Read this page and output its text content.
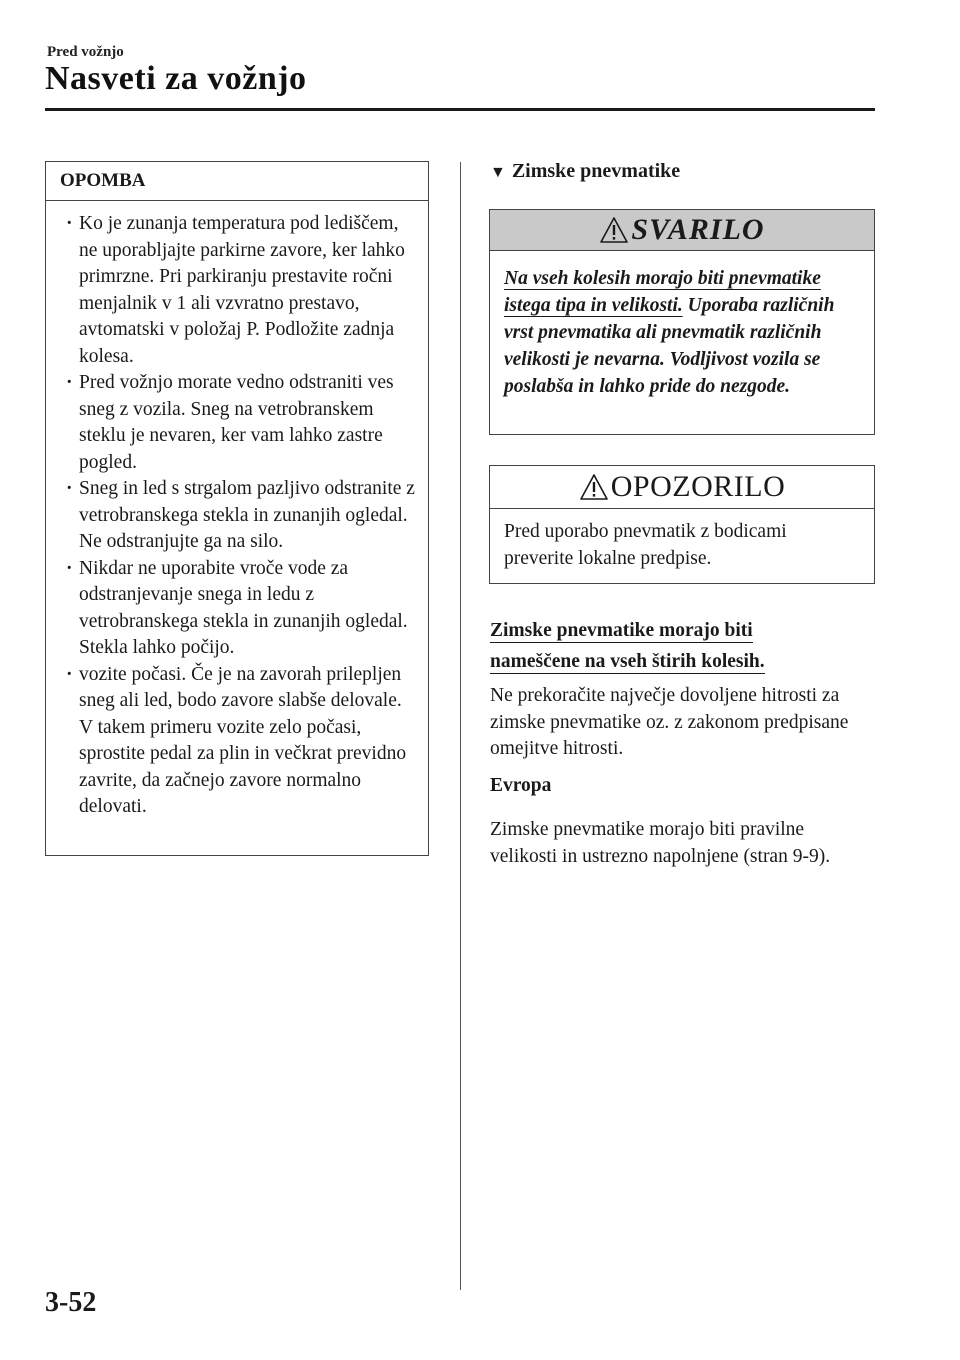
Pred vožnjo
Nasveti za vožnjo
OPOMBA
· Ko je zunanja temperatura pod lediščem, ne uporabljajte parkirne zavore, ker lahko primrzne. Pri parkiranju prestavite ročni menjalnik v 1 ali vzvratno prestavo, avtomatski v položaj P. Podložite zadnja kolesa.
· Pred vožnjo morate vedno odstraniti ves sneg z vozila. Sneg na vetrobranskem steklu je nevaren, ker vam lahko zastre pogled.
· Sneg in led s strgalom pazljivo odstranite z vetrobranskega stekla in zunanjih ogledal. Ne odstranjujte ga na silo.
· Nikdar ne uporabite vroče vode za odstranjevanje snega in ledu z vetrobranskega stekla in zunanjih ogledal. Stekla lahko počijo.
· vozite počasi. Če je na zavorah prilepljen sneg ali led, bodo zavore slabše delovale. V takem primeru vozite zelo počasi, sprostite pedal za plin in večkrat previdno zavrite, da začnejo zavore normalno delovati.
▼ Zimske pnevmatike
SVARILO
Na vseh kolesih morajo biti pnevmatike istega tipa in velikosti. Uporaba različnih vrst pnevmatika ali pnevmatik različnih velikosti je nevarna. Vodljivost vozila se poslabša in lahko pride do nezgode.
OPOZORILO
Pred uporabo pnevmatik z bodicami preverite lokalne predpise.
Zimske pnevmatike morajo biti
nameščene na vseh štirih kolesih.
Ne prekoračite največje dovoljene hitrosti za zimske pnevmatike oz. z zakonom predpisane omejitve hitrosti.
Evropa
Zimske pnevmatike morajo biti pravilne velikosti in ustrezno napolnjene (stran 9-9).
3-52
